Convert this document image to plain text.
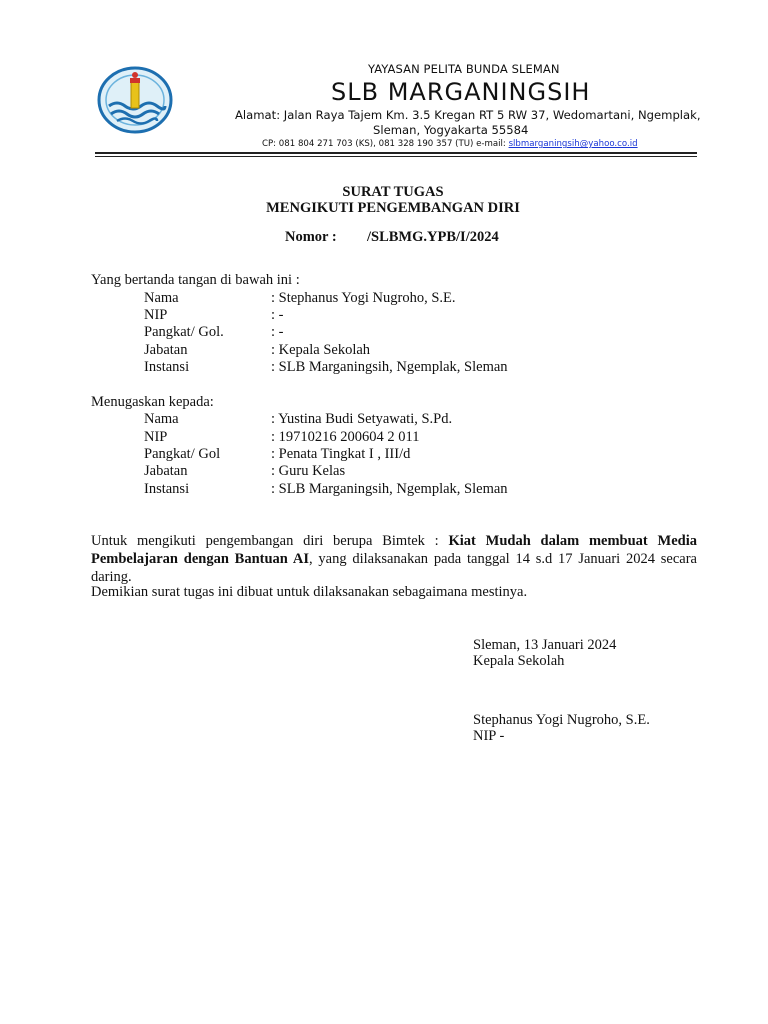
YAYASAN PELITA BUNDA SLEMAN
SLB MARGANINGSIH
Alamat: Jalan Raya Tajem Km. 3.5 Kregan RT 5 RW 37, Wedomartani, Ngemplak,
Sleman, Yogyakarta 55584
CP: 081 804 271 703 (KS), 081 328 190 357 (TU) e-mail: slbmarganingsih@yahoo.co.id
SURAT TUGAS
MENGIKUTI PENGEMBANGAN DIRI
Nomor : /SLBMG.YPB/I/2024
Yang bertanda tangan di bawah ini :
Nama	: Stephanus Yogi Nugroho, S.E.
NIP	: -
Pangkat/ Gol.	: -
Jabatan	: Kepala Sekolah
Instansi	: SLB Marganingsih, Ngemplak, Sleman
Menugaskan kepada:
Nama	: Yustina Budi Setyawati, S.Pd.
NIP	: 19710216 200604 2 011
Pangkat/ Gol	: Penata Tingkat I , III/d
Jabatan	: Guru Kelas
Instansi	: SLB Marganingsih, Ngemplak, Sleman
Untuk mengikuti pengembangan diri berupa Bimtek : Kiat Mudah dalam membuat Media Pembelajaran dengan Bantuan AI, yang dilaksanakan pada tanggal 14 s.d 17 Januari 2024 secara daring.
Demikian surat tugas ini dibuat untuk dilaksanakan sebagaimana mestinya.
Sleman, 13 Januari 2024
Kepala Sekolah
Stephanus Yogi Nugroho, S.E.
NIP -
